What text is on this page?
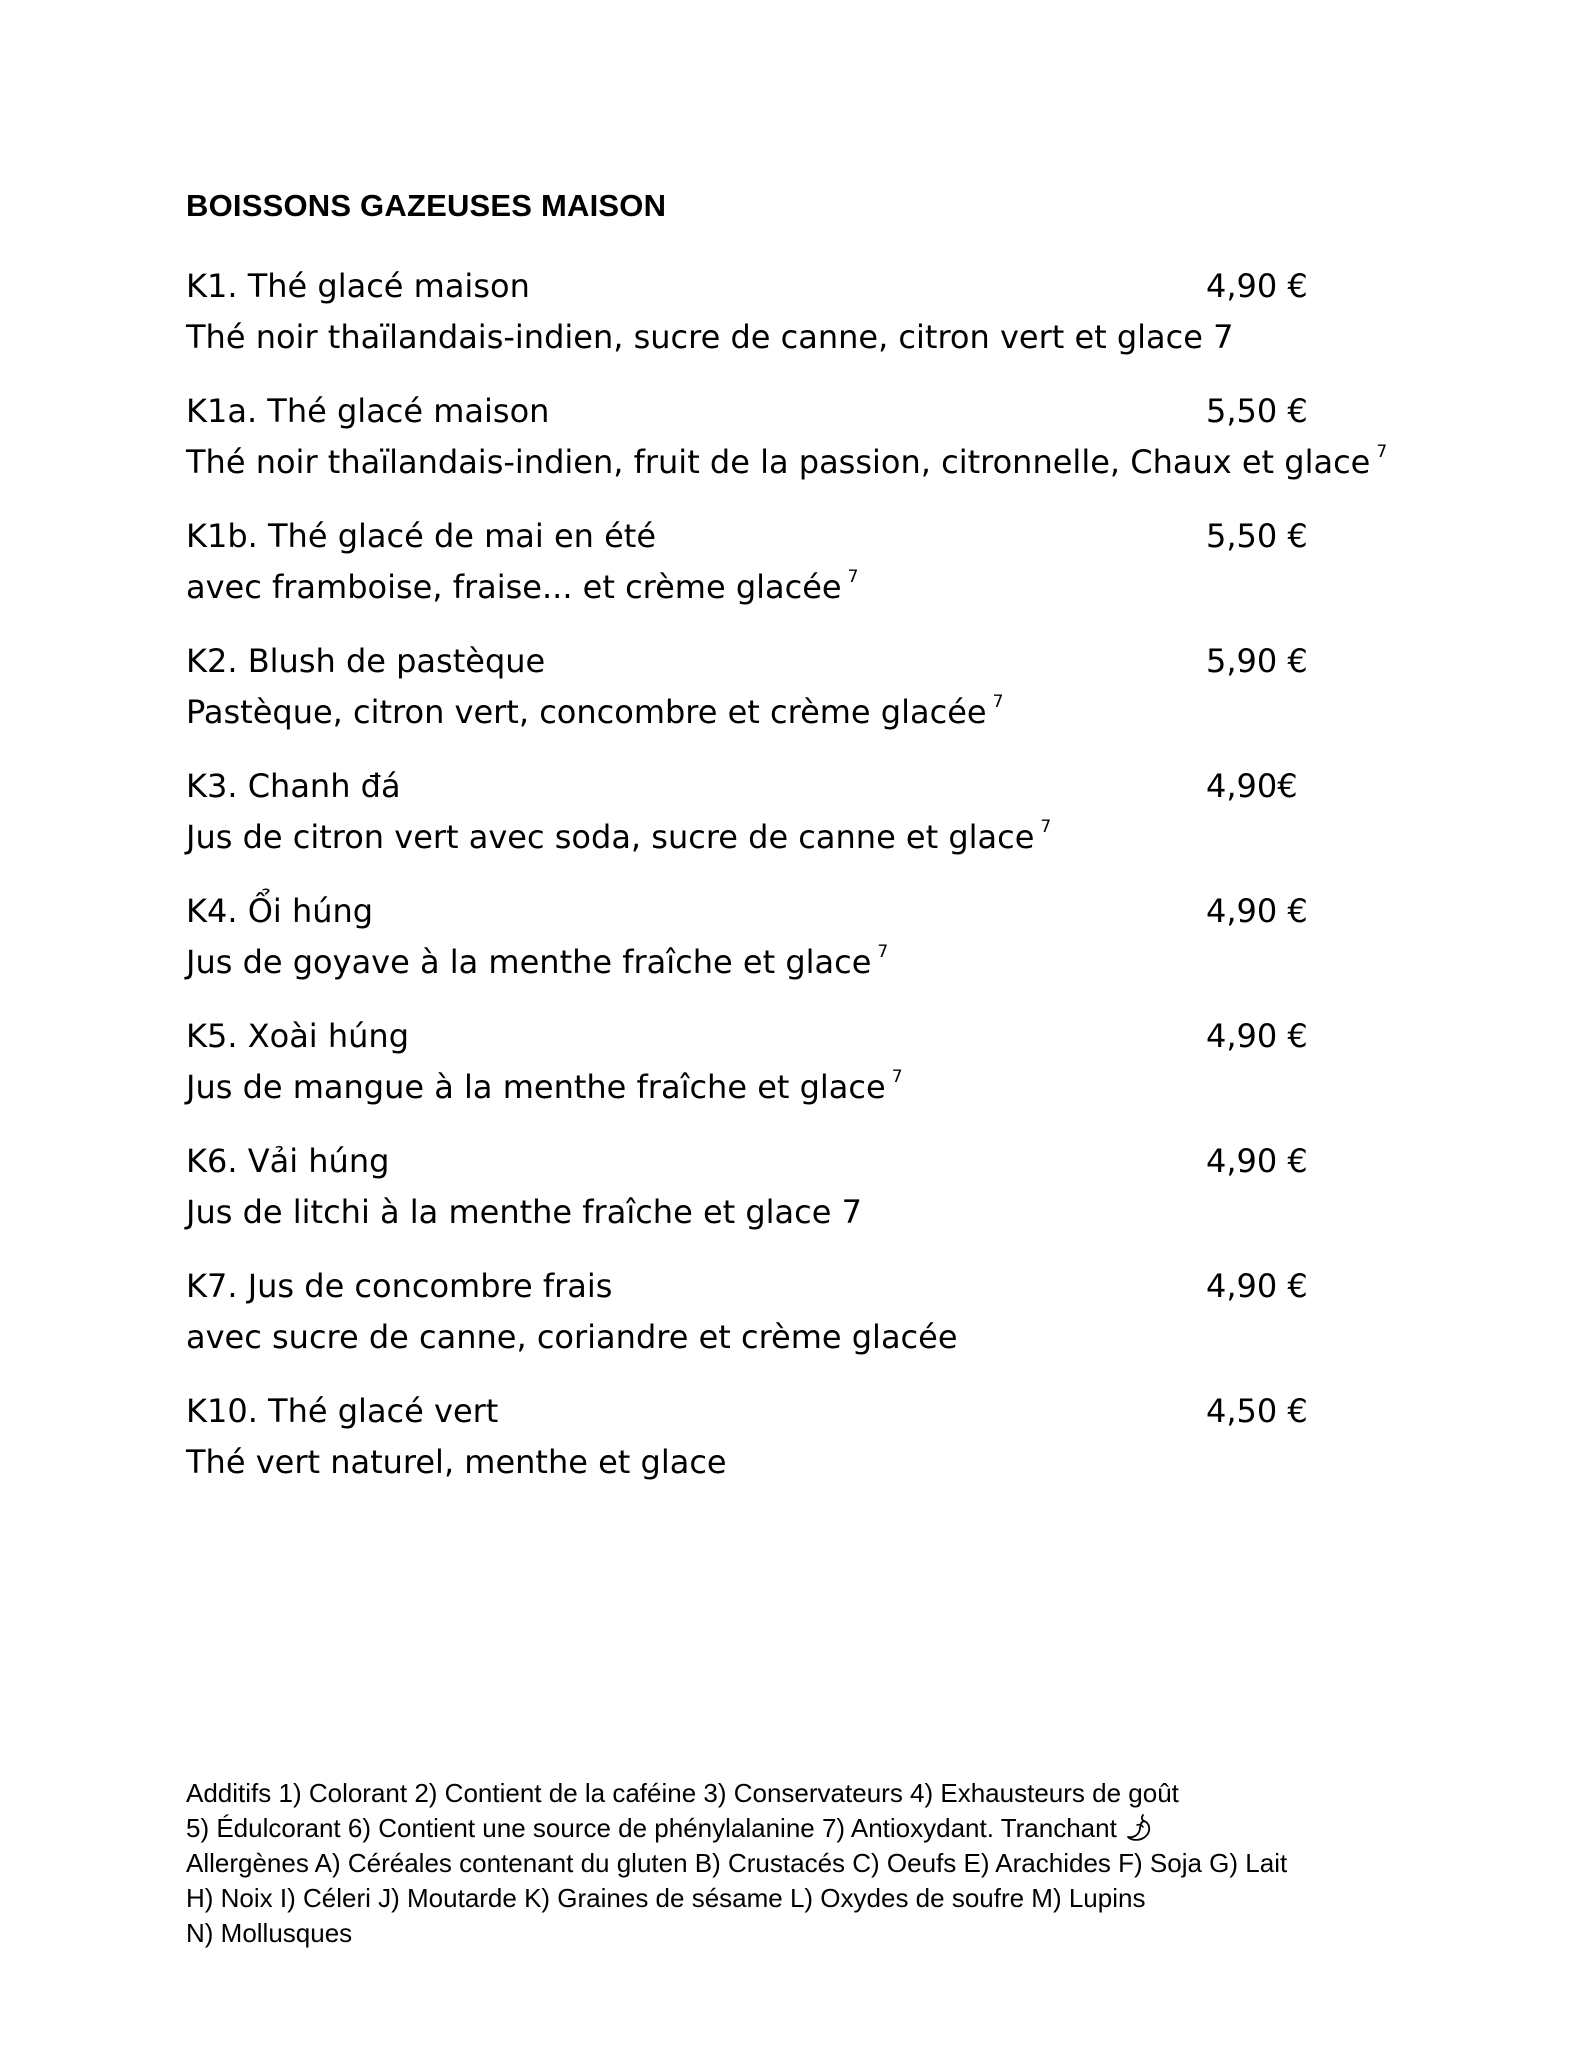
BOISSONS GAZEUSES MAISON
K1. Thé glacé maison	4,90 €
Thé noir thaïlandais-indien, sucre de canne, citron vert et glace 7
K1a. Thé glacé maison	5,50 €
Thé noir thaïlandais-indien, fruit de la passion, citronnelle, Chaux et glace $^7$
K1b. Thé glacé de mai en été	5,50 €
avec framboise, fraise... et crème glacée $^7$
K2. Blush de pastèque	5,90 €
Pastèque, citron vert, concombre et crème glacée $^7$
K3. Chanh đá	4,90€
Jus de citron vert avec soda, sucre de canne et glace $^7$
K4. Ổi húng	4,90 €
Jus de goyave à la menthe fraîche et glace $^7$
K5. Xoài húng	4,90 €
Jus de mangue à la menthe fraîche et glace $^7$
K6. Vải húng	4,90 €
Jus de litchi à la menthe fraîche et glace 7
K7. Jus de concombre frais	4,90 €
avec sucre de canne, coriandre et crème glacée
K10. Thé glacé vert	4,50 €
Thé vert naturel, menthe et glace
Additifs 1) Colorant 2) Contient de la caféine 3) Conservateurs 4) Exhausteurs de goût
5) Édulcorant 6) Contient une source de phénylalanine 7) Antioxydant. Tranchant
Allergènes A) Céréales contenant du gluten B) Crustacés C) Oeufs E) Arachides F) Soja G) Lait
H) Noix I) Céleri J) Moutarde K) Graines de sésame L) Oxydes de soufre M) Lupins
N) Mollusques
